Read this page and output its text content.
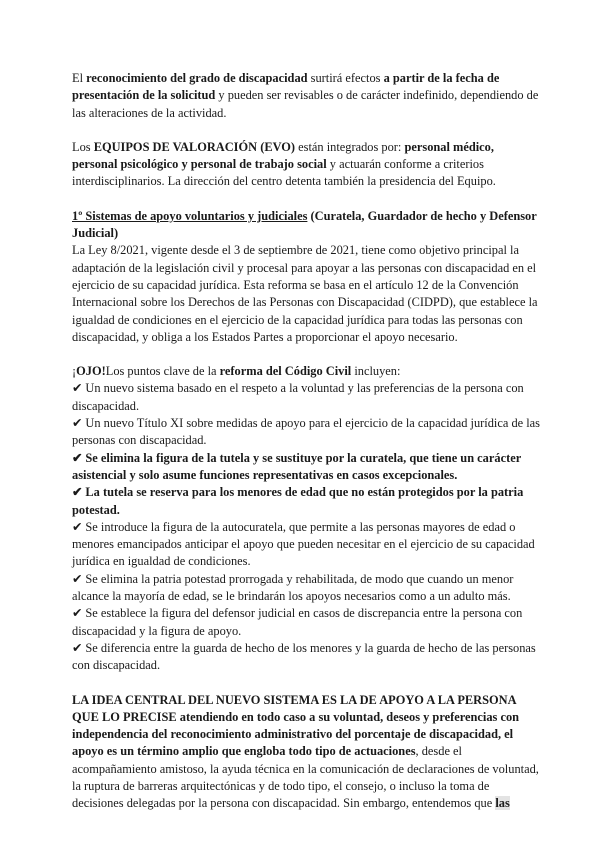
El reconocimiento del grado de discapacidad surtirá efectos a partir de la fecha de presentación de la solicitud y pueden ser revisables o de carácter indefinido, dependiendo de las alteraciones de la actividad.

Los EQUIPOS DE VALORACIÓN (EVO) están integrados por: personal médico, personal psicológico y personal de trabajo social y actuarán conforme a criterios interdisciplinarios. La dirección del centro detenta también la presidencia del Equipo.

1º Sistemas de apoyo voluntarios y judiciales (Curatela, Guardador de hecho y Defensor Judicial)

La Ley 8/2021, vigente desde el 3 de septiembre de 2021, tiene como objetivo principal la adaptación de la legislación civil y procesal para apoyar a las personas con discapacidad en el ejercicio de su capacidad jurídica. Esta reforma se basa en el artículo 12 de la Convención Internacional sobre los Derechos de las Personas con Discapacidad (CIDPD), que establece la igualdad de condiciones en el ejercicio de la capacidad jurídica para todas las personas con discapacidad, y obliga a los Estados Partes a proporcionar el apoyo necesario.

¡OJO!Los puntos clave de la reforma del Código Civil incluyen:

✔ Un nuevo sistema basado en el respeto a la voluntad y las preferencias de la persona con discapacidad.

✔ Un nuevo Título XI sobre medidas de apoyo para el ejercicio de la capacidad jurídica de las personas con discapacidad.

✔ Se elimina la figura de la tutela y se sustituye por la curatela, que tiene un carácter asistencial y solo asume funciones representativas en casos excepcionales.

✔ La tutela se reserva para los menores de edad que no están protegidos por la patria potestad.

✔ Se introduce la figura de la autocuratela, que permite a las personas mayores de edad o menores emancipados anticipar el apoyo que pueden necesitar en el ejercicio de su capacidad jurídica en igualdad de condiciones.

✔ Se elimina la patria potestad prorrogada y rehabilitada, de modo que cuando un menor alcance la mayoría de edad, se le brindarán los apoyos necesarios como a un adulto más.

✔ Se establece la figura del defensor judicial en casos de discrepancia entre la persona con discapacidad y la figura de apoyo.

✔ Se diferencia entre la guarda de hecho de los menores y la guarda de hecho de las personas con discapacidad.

LA IDEA CENTRAL DEL NUEVO SISTEMA ES LA DE APOYO A LA PERSONA QUE LO PRECISE atendiendo en todo caso a su voluntad, deseos y preferencias con independencia del reconocimiento administrativo del porcentaje de discapacidad, el apoyo es un término amplio que engloba todo tipo de actuaciones, desde el acompañamiento amistoso, la ayuda técnica en la comunicación de declaraciones de voluntad, la ruptura de barreras arquitectónicas y de todo tipo, el consejo, o incluso la toma de decisiones delegadas por la persona con discapacidad. Sin embargo, entendemos que las
